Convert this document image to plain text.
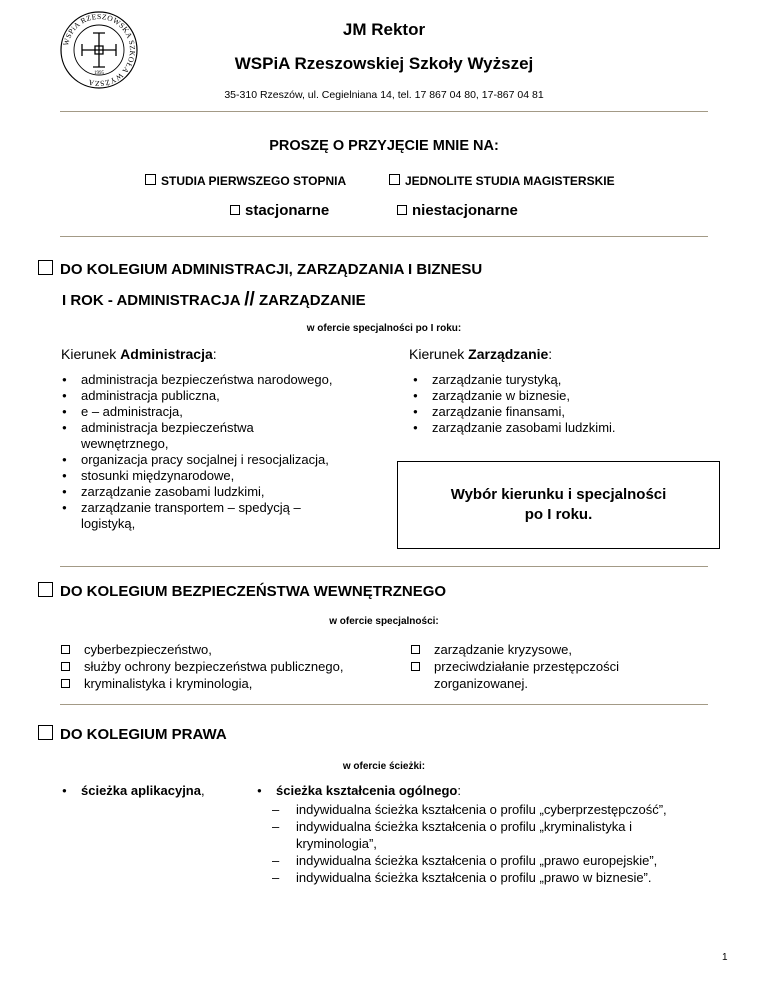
WSPiA RZESZOWSKA SZKOŁA WYŻSZA
1995
JM Rektor
WSPiA Rzeszowskiej Szkoły Wyższej
35-310 Rzeszów, ul. Cegielniana 14, tel. 17 867 04 80, 17-867 04 81
PROSZĘ O PRZYJĘCIE MNIE NA:
STUDIA PIERWSZEGO STOPNIA	JEDNOLITE STUDIA MAGISTERSKIE
stacjonarne	niestacjonarne
DO KOLEGIUM ADMINISTRACJI, ZARZĄDZANIA I BIZNESU
I ROK - ADMINISTRACJA // ZARZĄDZANIE
w ofercie specjalności po I roku:
Kierunek Administracja:
● administracja bezpieczeństwa narodowego,
● administracja publiczna,
● e – administracja,
● administracja bezpieczeństwa wewnętrznego,
● organizacja pracy socjalnej i resocjalizacja,
● stosunki międzynarodowe,
● zarządzanie zasobami ludzkimi,
● zarządzanie transportem – spedycją – logistyką,
Kierunek Zarządzanie:
● zarządzanie turystyką,
● zarządzanie w biznesie,
● zarządzanie finansami,
● zarządzanie zasobami ludzkimi.
Wybór kierunku i specjalności
po I roku.
DO KOLEGIUM BEZPIECZEŃSTWA WEWNĘTRZNEGO
w ofercie specjalności:
cyberbezpieczeństwo,
służby ochrony bezpieczeństwa publicznego,
kryminalistyka i kryminologia,
zarządzanie kryzysowe,
przeciwdziałanie przestępczości zorganizowanej.
DO KOLEGIUM PRAWA
w ofercie ścieżki:
● ścieżka aplikacyjna,	● ścieżka kształcenia ogólnego:
– indywidualna ścieżka kształcenia o profilu „cyberprzestępczość”,
– indywidualna ścieżka kształcenia o profilu „kryminalistyka i kryminologia”,
– indywidualna ścieżka kształcenia o profilu „prawo europejskie”,
– indywidualna ścieżka kształcenia o profilu „prawo w biznesie”.
1
